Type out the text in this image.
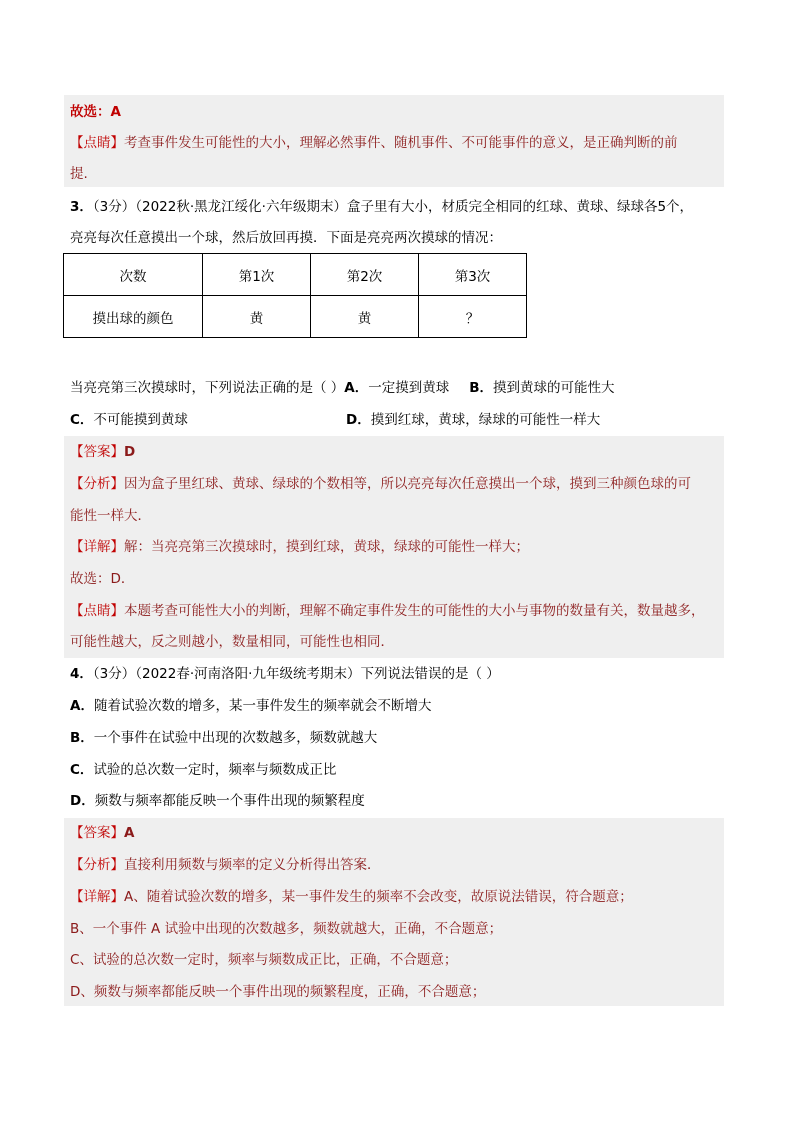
故选：A
【点睛】考查事件发生可能性的大小，理解必然事件、随机事件、不可能事件的意义，是正确判断的前
提.
3．（3分）（2022秋·黑龙江绥化·六年级期末）盒子里有大小，材质完全相同的红球、黄球、绿球各5个，
亮亮每次任意摸出一个球，然后放回再摸．下面是亮亮两次摸球的情况：
次数	第1次	第2次	第3次
摸出球的颜色	黄	黄	？
当亮亮第三次摸球时，下列说法正确的是（ ）A．一定摸到黄球 B．摸到黄球的可能性大
C．不可能摸到黄球	D．摸到红球，黄球，绿球的可能性一样大
【答案】D
【分析】因为盒子里红球、黄球、绿球的个数相等，所以亮亮每次任意摸出一个球，摸到三种颜色球的可
能性一样大．
【详解】解：当亮亮第三次摸球时，摸到红球，黄球，绿球的可能性一样大；
故选：D．
【点睛】本题考查可能性大小的判断，理解不确定事件发生的可能性的大小与事物的数量有关，数量越多，
可能性越大，反之则越小，数量相同，可能性也相同．
4．（3分）（2022春·河南洛阳·九年级统考期末）下列说法错误的是（ ）
A．随着试验次数的增多，某一事件发生的频率就会不断增大
B．一个事件在试验中出现的次数越多，频数就越大
C．试验的总次数一定时，频率与频数成正比
D．频数与频率都能反映一个事件出现的频繁程度
【答案】A
【分析】直接利用频数与频率的定义分析得出答案．
【详解】A、随着试验次数的增多，某一事件发生的频率不会改变，故原说法错误，符合题意；
B、一个事件 A 试验中出现的次数越多，频数就越大，正确，不合题意；
C、试验的总次数一定时，频率与频数成正比，正确，不合题意；
D、频数与频率都能反映一个事件出现的频繁程度，正确，不合题意；
